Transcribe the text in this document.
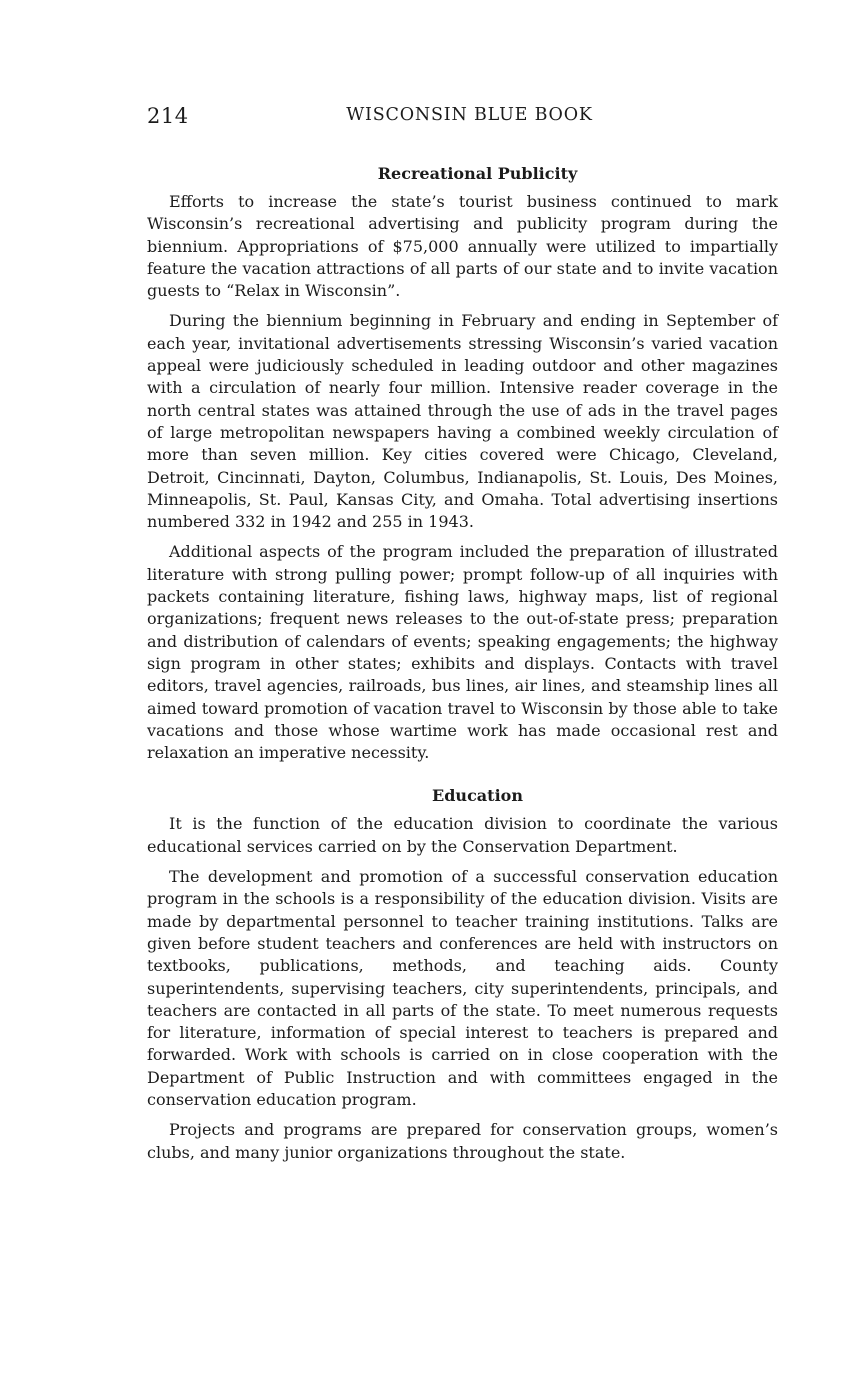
214	WISCONSIN BLUE BOOK
Recreational Publicity

Efforts to increase the state’s tourist business continued to mark Wisconsin’s recreational advertising and publicity program during the biennium. Appropriations of $75,000 annually were utilized to impartially feature the vacation attractions of all parts of our state and to invite vacation guests to “Relax in Wisconsin”.

During the biennium beginning in February and ending in September of each year, invitational advertisements stressing Wisconsin’s varied vacation appeal were judiciously scheduled in leading outdoor and other magazines with a circulation of nearly four million. Intensive reader coverage in the north central states was attained through the use of ads in the travel pages of large metropolitan newspapers having a combined weekly circulation of more than seven million. Key cities covered were Chicago, Cleveland, Detroit, Cincinnati, Dayton, Columbus, Indianapolis, St. Louis, Des Moines, Minneapolis, St. Paul, Kansas City, and Omaha. Total advertising insertions numbered 332 in 1942 and 255 in 1943.

Additional aspects of the program included the preparation of illustrated literature with strong pulling power; prompt follow-up of all inquiries with packets containing literature, fishing laws, highway maps, list of regional organizations; frequent news releases to the out-of-state press; preparation and distribution of calendars of events; speaking engagements; the highway sign program in other states; exhibits and displays. Contacts with travel editors, travel agencies, railroads, bus lines, air lines, and steamship lines all aimed toward promotion of vacation travel to Wisconsin by those able to take vacations and those whose wartime work has made occasional rest and relaxation an imperative necessity.

Education

It is the function of the education division to coordinate the various educational services carried on by the Conservation Department.

The development and promotion of a successful conservation education program in the schools is a responsibility of the education division. Visits are made by departmental personnel to teacher training institutions. Talks are given before student teachers and conferences are held with instructors on textbooks, publications, methods, and teaching aids. County superintendents, supervising teachers, city superintendents, principals, and teachers are contacted in all parts of the state. To meet numerous requests for literature, information of special interest to teachers is prepared and forwarded. Work with schools is carried on in close cooperation with the Department of Public Instruction and with committees engaged in the conservation education program.

Projects and programs are prepared for conservation groups, women’s clubs, and many junior organizations throughout the state.
